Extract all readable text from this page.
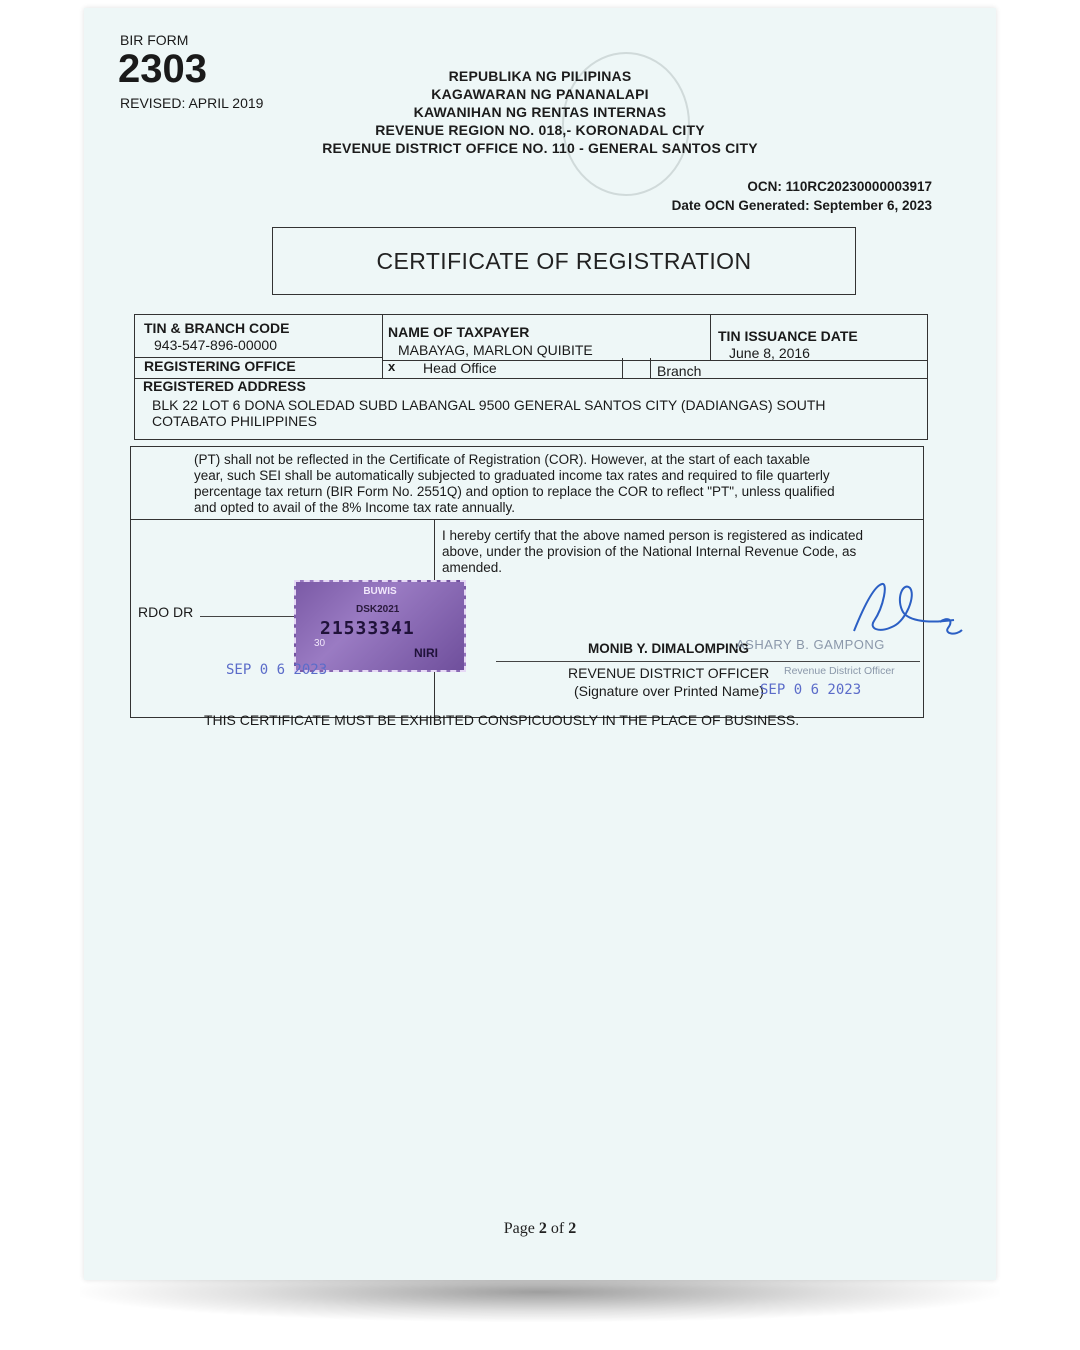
BIR FORM
2303
REVISED: APRIL 2019
REPUBLIKA NG PILIPINAS
KAGAWARAN NG PANANALAPI
KAWANIHAN NG RENTAS INTERNAS
REVENUE REGION NO. 018,- KORONADAL CITY
REVENUE DISTRICT OFFICE NO. 110 - GENERAL SANTOS CITY
OCN: 110RC20230000003917
Date OCN Generated: September 6, 2023
CERTIFICATE OF REGISTRATION
TIN & BRANCH CODE
943-547-896-00000
NAME OF TAXPAYER
MABAYAG, MARLON QUIBITE
TIN ISSUANCE DATE
June 8, 2016
REGISTERING OFFICE	x Head Office	Branch
REGISTERED ADDRESS
BLK 22 LOT 6 DONA SOLEDAD SUBD LABANGAL 9500 GENERAL SANTOS CITY (DADIANGAS) SOUTH
COTABATO PHILIPPINES
(PT) shall not be reflected in the Certificate of Registration (COR). However, at the start of each taxable
year, such SEI shall be automatically subjected to graduated income tax rates and required to file quarterly
percentage tax return (BIR Form No. 2551Q) and option to replace the COR to reflect "PT", unless qualified
and opted to avail of the 8% Income tax rate annually.
RDO DR
BUWIS
DSK2021
21533341
30
NIRI
SEP 0 6 2023
I hereby certify that the above named person is registered as indicated
above, under the provision of the National Internal Revenue Code, as
amended.
MONIB Y. DIMALOMPING
ASHARY B. GAMPONG
REVENUE DISTRICT OFFICER Revenue District Officer
(Signature over Printed Name)
SEP 0 6 2023
THIS CERTIFICATE MUST BE EXHIBITED CONSPICUOUSLY IN THE PLACE OF BUSINESS.
Page 2 of 2
